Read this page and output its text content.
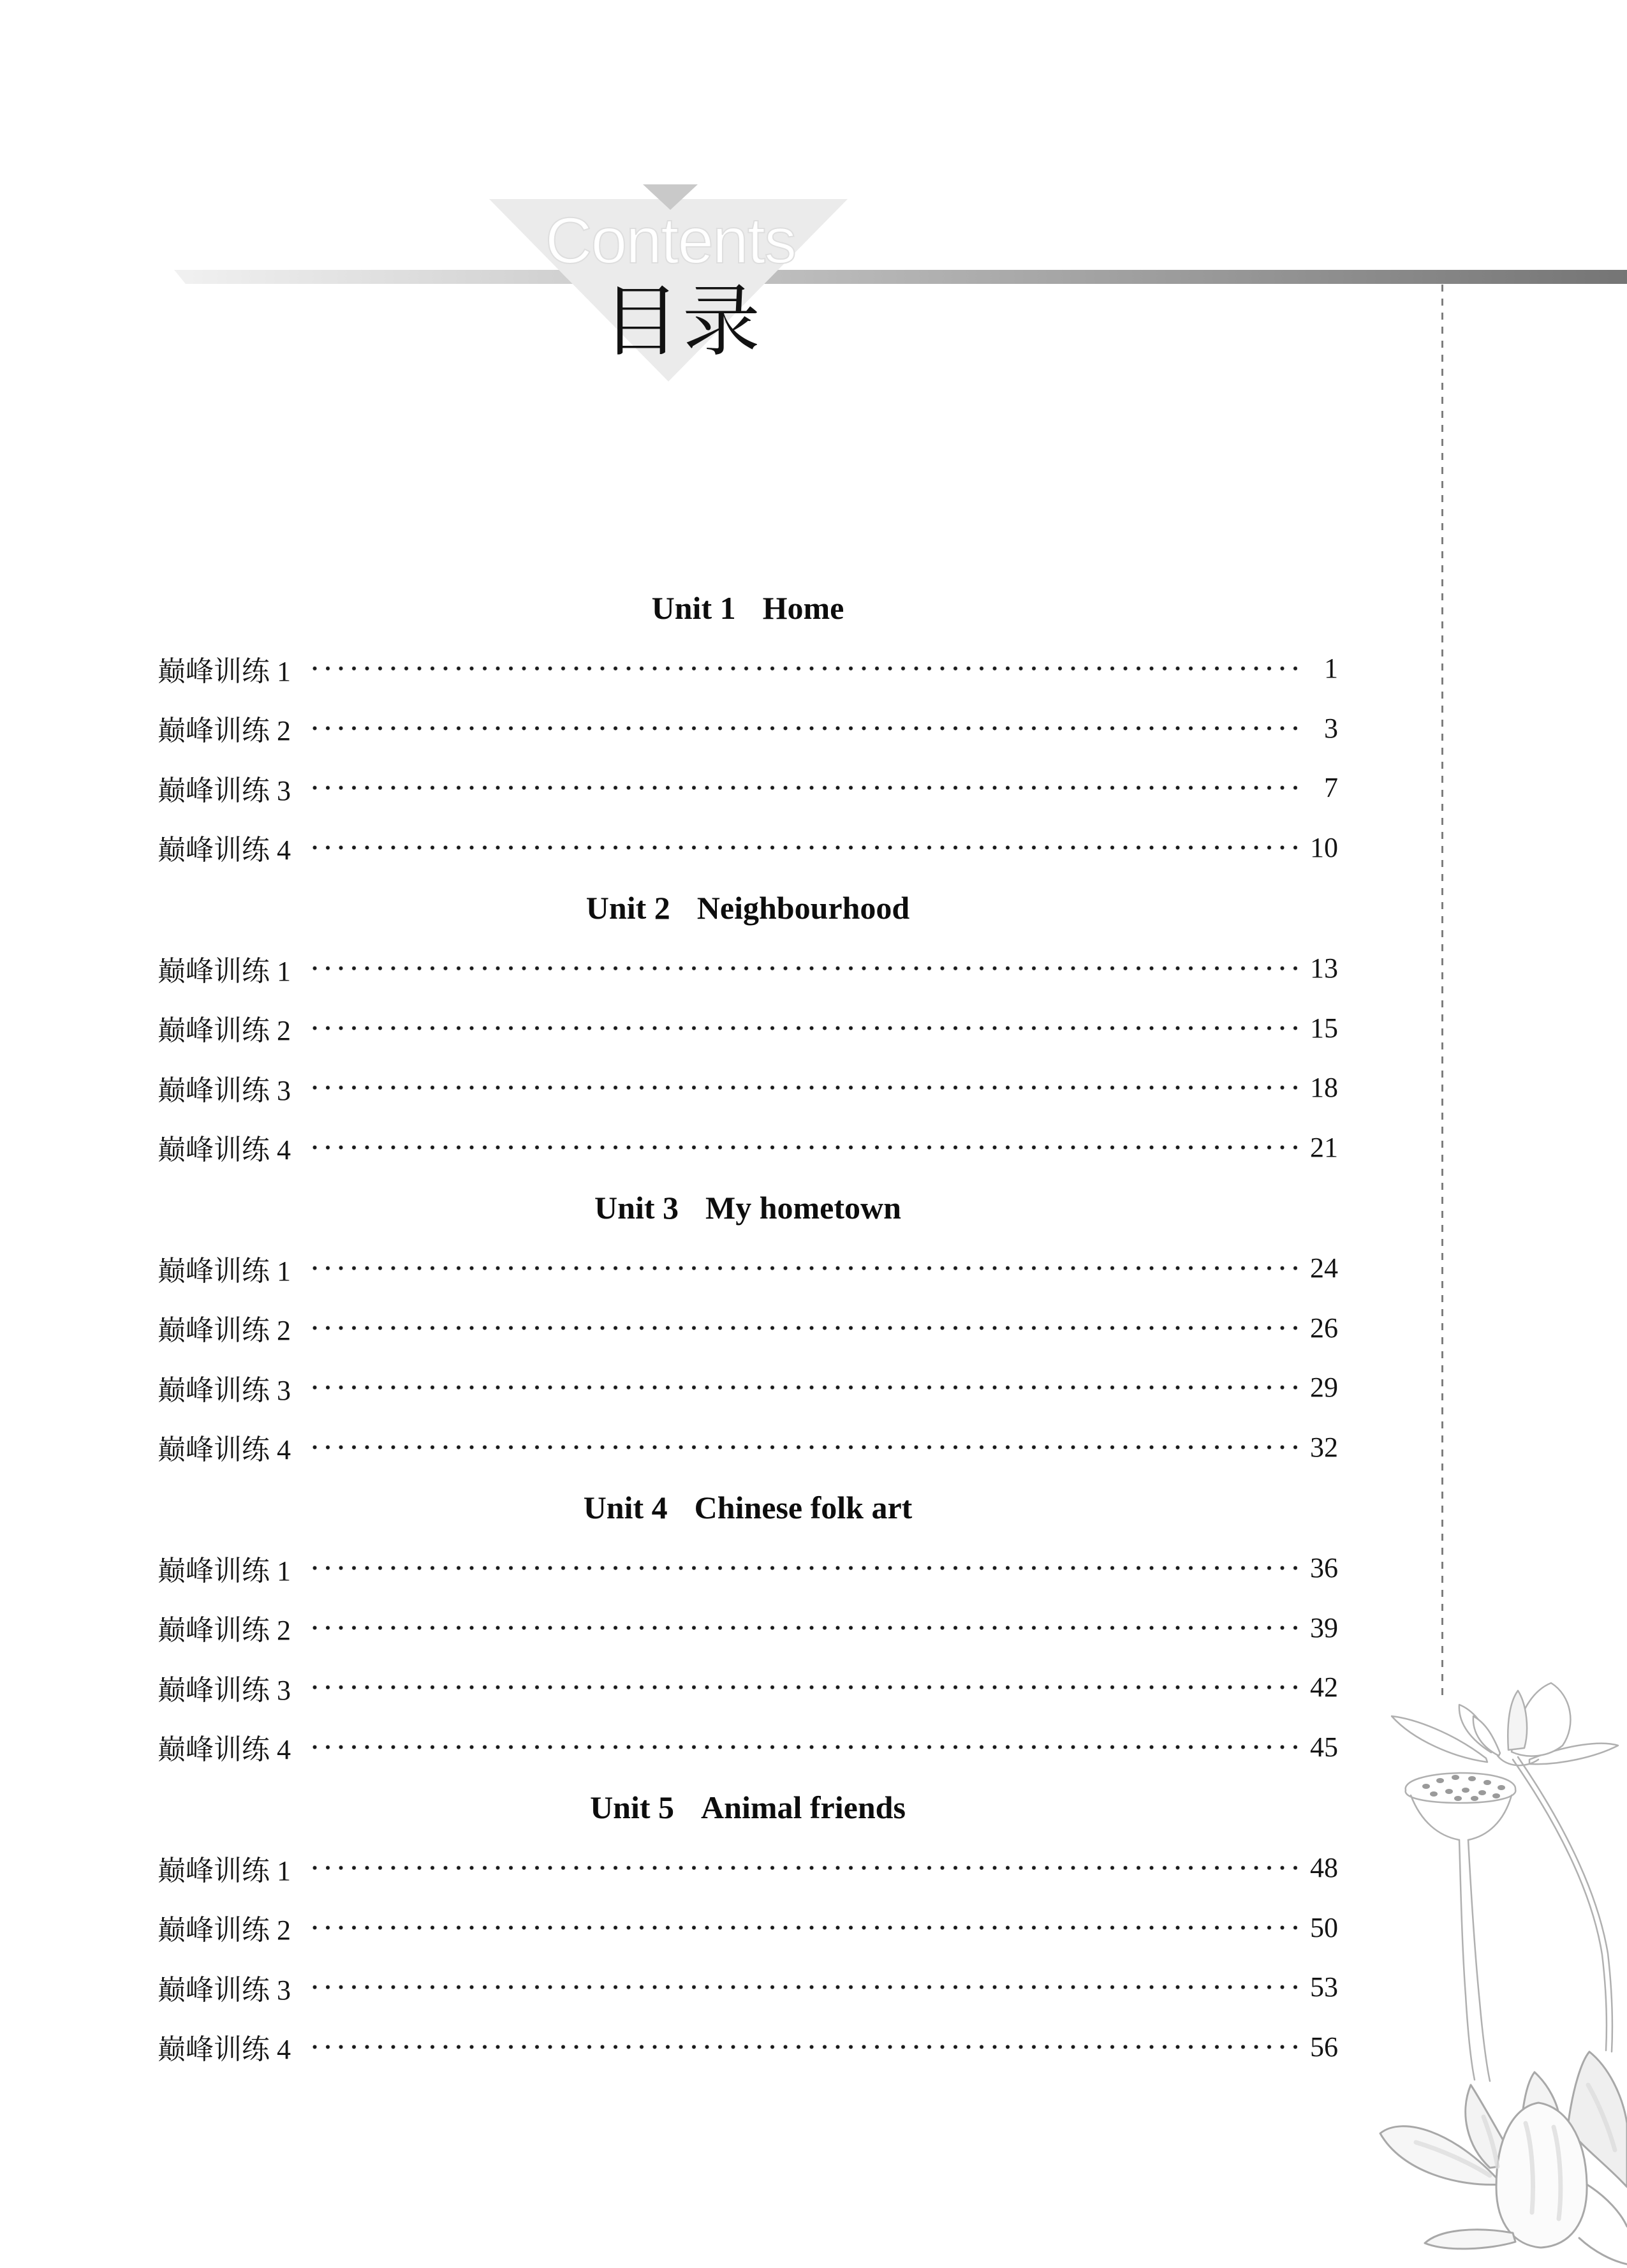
Contents
目录
Unit 1 Home
巅峰训练 1	1
巅峰训练 2	3
巅峰训练 3	7
巅峰训练 4	10
Unit 2 Neighbourhood
巅峰训练 1	13
巅峰训练 2	15
巅峰训练 3	18
巅峰训练 4	21
Unit 3 My hometown
巅峰训练 1	24
巅峰训练 2	26
巅峰训练 3	29
巅峰训练 4	32
Unit 4 Chinese folk art
巅峰训练 1	36
巅峰训练 2	39
巅峰训练 3	42
巅峰训练 4	45
Unit 5 Animal friends
巅峰训练 1	48
巅峰训练 2	50
巅峰训练 3	53
巅峰训练 4	56
